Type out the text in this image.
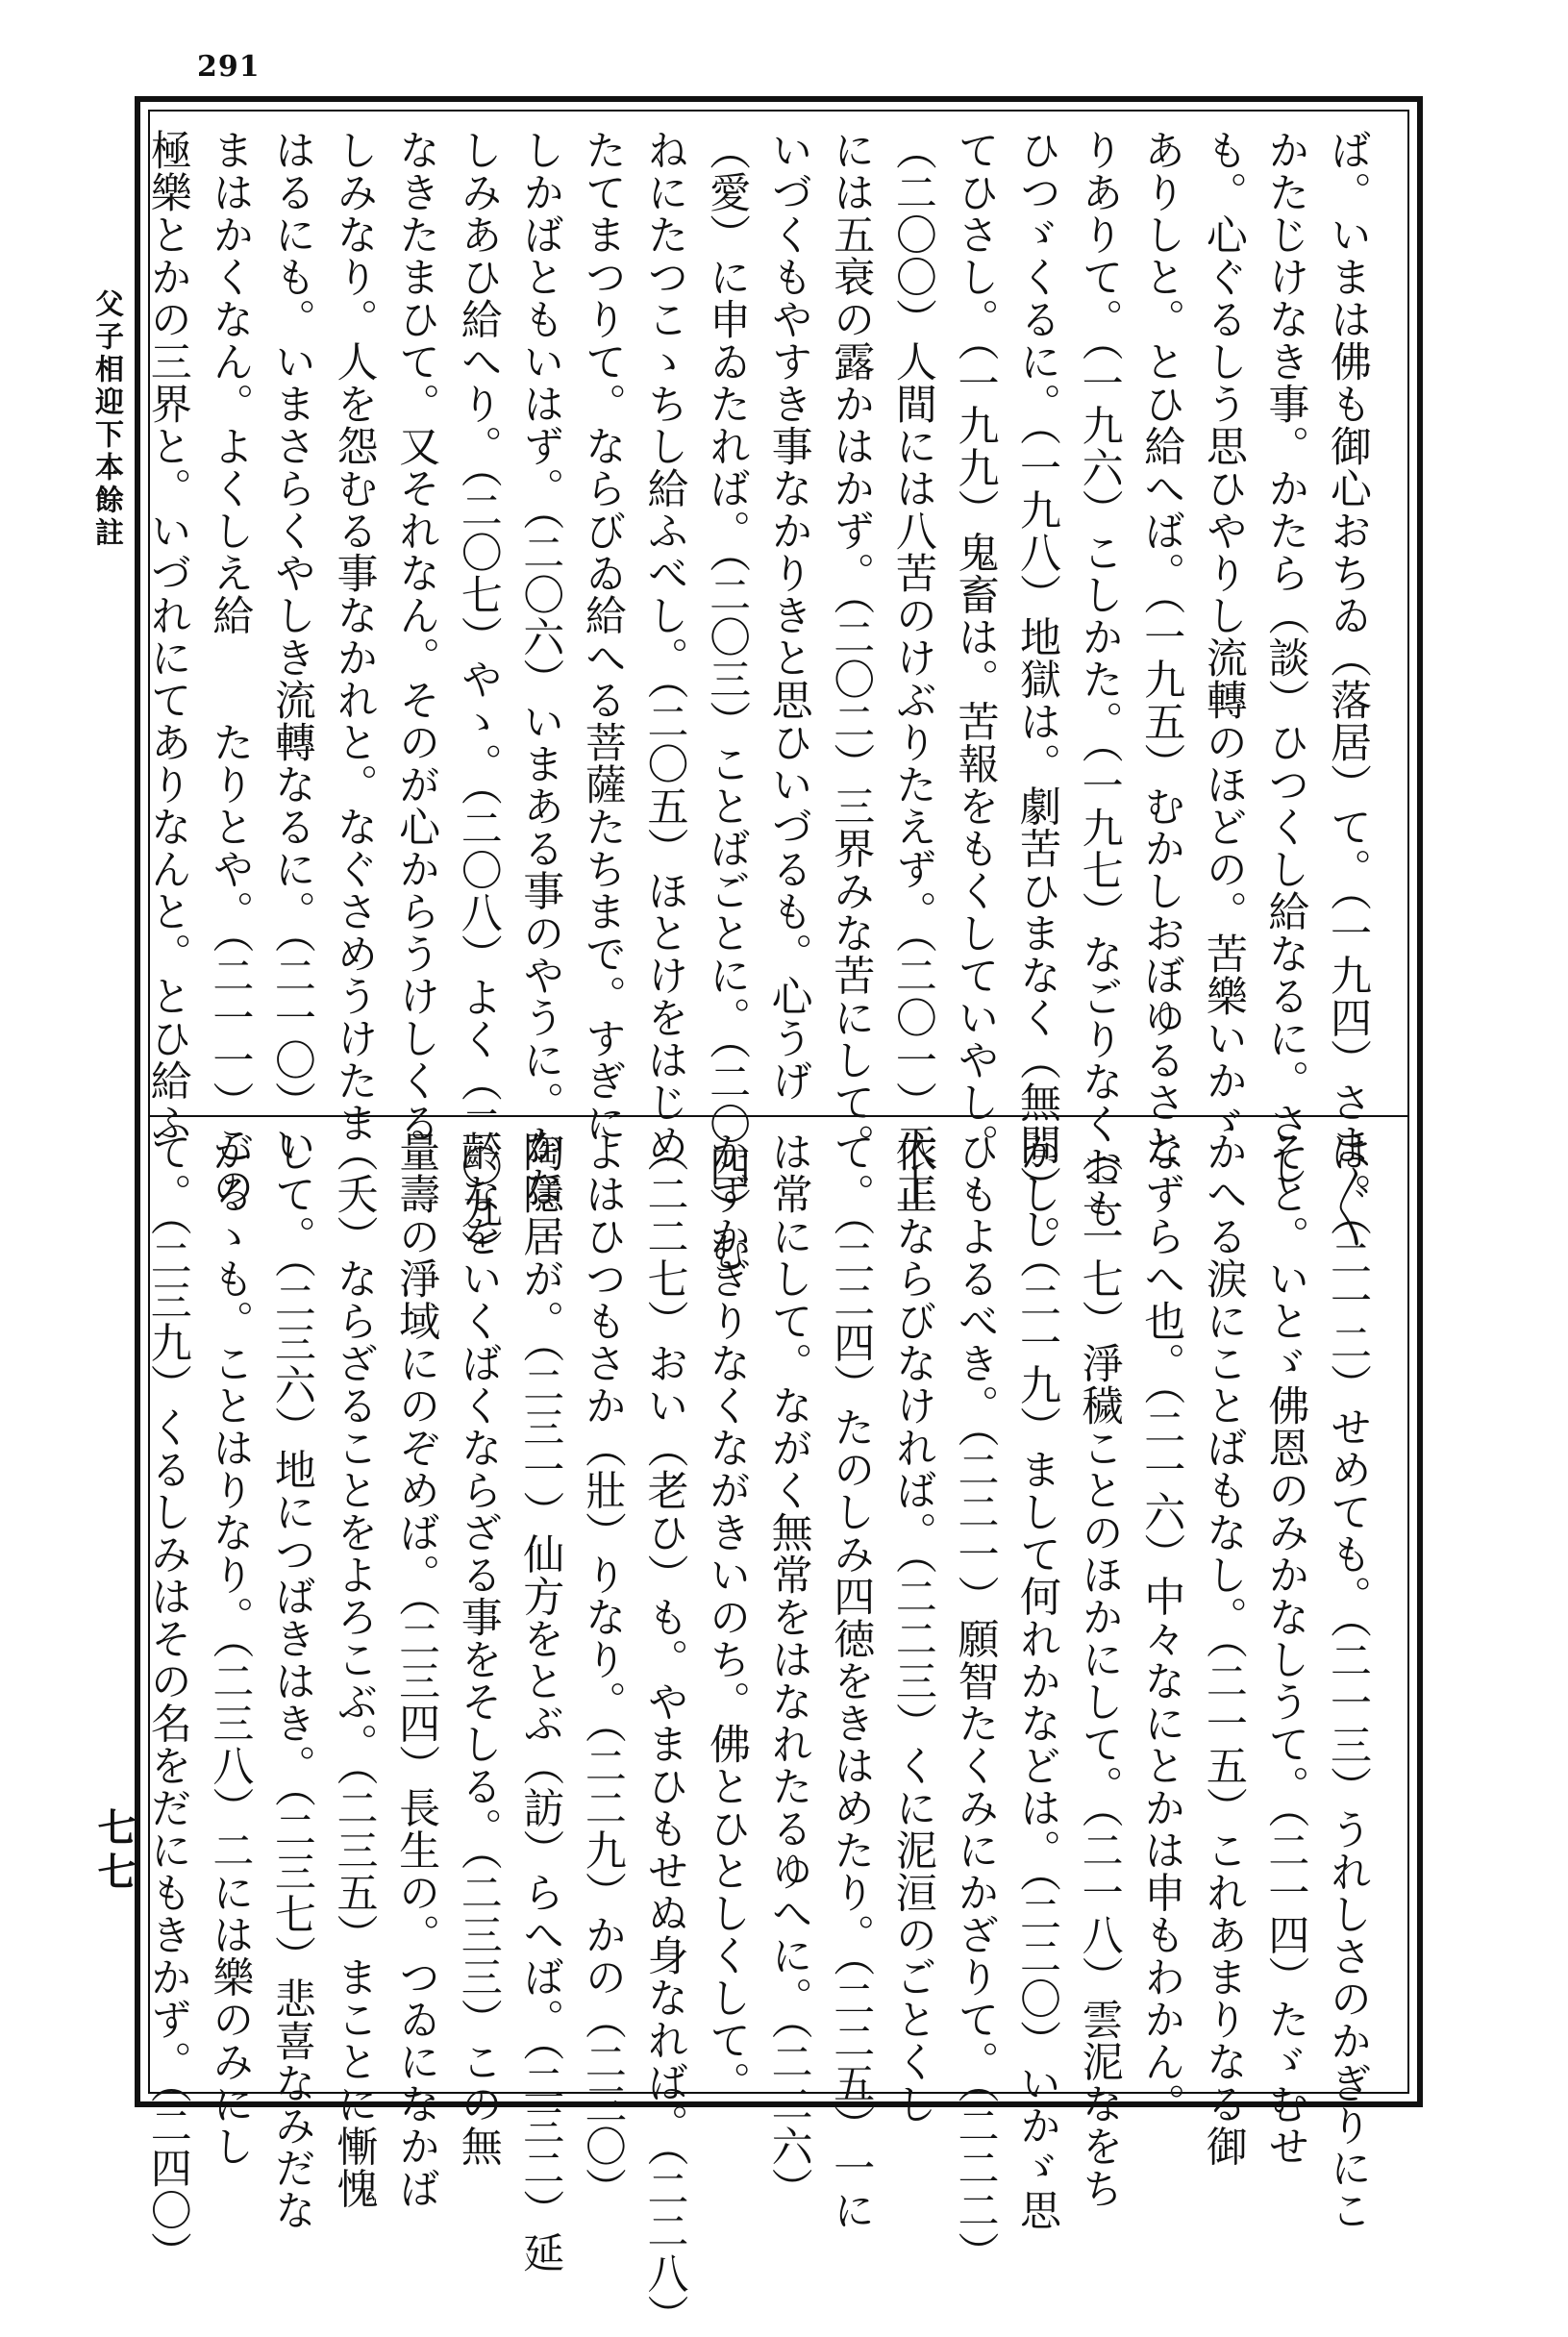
291
父子相迎下本餘註
七七
ば。いまは佛も御心おちゐ（落居）て。（一九四）さま〴〵
かたじけなき事。かたら（談）ひつくし給なるに。さし
も。心ぐるしう思ひやりし流轉のほどの。苦樂いかゞ
ありしと。とひ給へば。（一九五）むかしおぼゆるさと
りありて。（一九六）こしかた。（一九七）なごりなくおも
ひつゞくるに。（一九八）地獄は。劇苦ひまなく（無間）し
てひさし。（一九九）鬼畜は。苦報をもくしていやし。
（二〇〇）人間には八苦のけぶりたえず。（二〇一）天上
には五衰の露かはかず。（二〇二）三界みな苦にして。
いづくもやすき事なかりきと思ひいづるも。心うげ
（愛）に申ゐたれば。（二〇三）ことばごとに。（二〇四）む
ねにたつこゝちし給ふべし。（二〇五）ほとけをはじめ
たてまつりて。ならびゐ給へる菩薩たちまで。すぎに
しかばともいはず。（二〇六）いまある事のやうに。かな
しみあひ給へり。（二〇七）やゝ。（二〇八）よく（二〇九）
なきたまひて。又それなん。そのが心からうけしくる
しみなり。人を怨むる事なかれと。なぐさめうけたま
はるにも。いまさらくやしき流轉なるに。（二一〇）い
まはかくなん。よくしえ給　　たりとや。（二一一）この
極樂とかの三界と。いづれにてありなんと。とひ給ふ
は。（二一二）せめても。（二一三）うれしさのかぎりにこ
そと。いとゞ佛恩のみかなしうて。（二一四）たゞむせ
かへる涙にことばもなし。（二一五）これあまりなる御
なずらへ也。（二一六）中々なにとかは申もわかん。
（二一七）淨穢ことのほかにして。（二一八）雲泥なをち
かし。（二一九）まして何れかなどは。（二二〇）いかゞ思
ひもよるべき。（二二一）願智たくみにかざりて。（二二二）
依正ならびなければ。（二二三）くに泥洹のごとくし
て。（二二四）たのしみ四徳をきはめたり。（二二五）一に
は常にして。ながく無常をはなれたるゆへに。（二二六）
かずかぎりなくながきいのち。佛とひとしくして。
（二二七）おい（老ひ）も。やまひもせぬ身なれば。（二二八）
よはひつもさか（壯）りなり。（二二九）かの（二三〇）
陶隱居が。（二三一）仙方をとぶ（訪）らへば。（二三二）延
齡なをいくばくならざる事をそしる。（二三三）この無
量壽の淨域にのぞめば。（二三四）長生の。つゐになかば
（夭）ならざることをよろこぶ。（二三五）まことに慚愧
して。（二三六）地につばきはき。（二三七）悲喜なみだな
がるゝも。ことはりなり。（二三八）二には樂のみにし
て。（二三九）くるしみはその名をだにもきかず。（二四〇）
